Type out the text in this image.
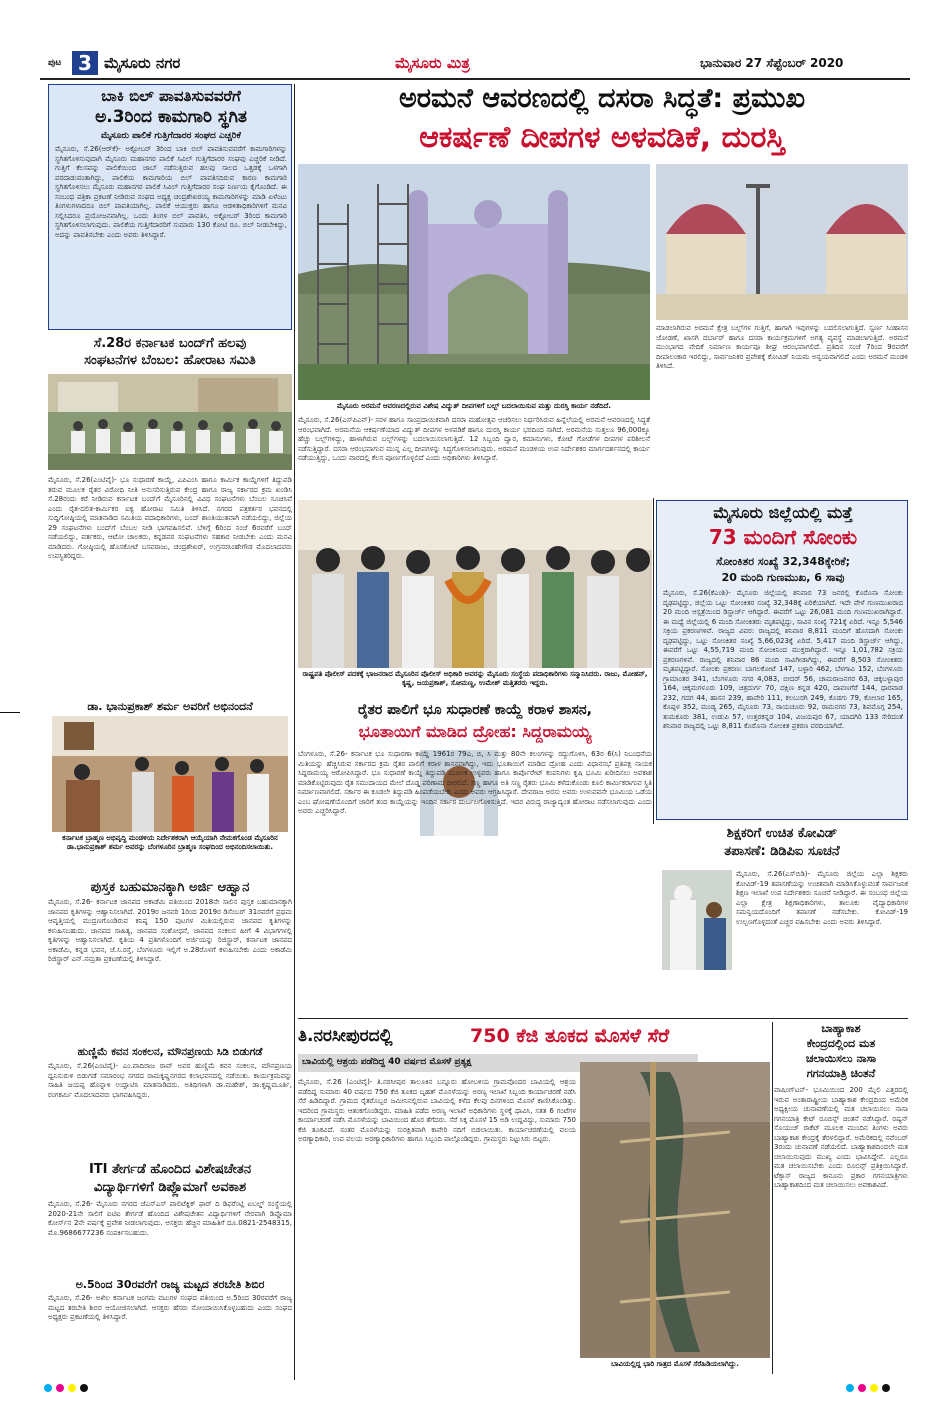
ಪುಟ 3 ಮೈಸೂರು ನಗರ	ಮೈಸೂರು ಮಿತ್ರ	ಭಾನುವಾರ 27 ಸೆಪ್ಟೆಂಬರ್ 2020
ಬಾಕಿ ಬಿಲ್ ಪಾವತಿಸುವವರೆಗೆ
ಅ.3ರಿಂದ ಕಾಮಗಾರಿ ಸ್ಥಗಿತ
ಮೈಸೂರು ಪಾಲಿಕೆ ಗುತ್ತಿಗೆದಾರರ ಸಂಘದ ಎಚ್ಚರಿಕೆ
ಮೈಸೂರು, ಸೆ.26(ಆರ್‌ಕೆ)- ಅಕ್ಟೋಬರ್ 3ರಿಂದ ಬಾಕಿ ಬಿಲ್ ಪಾವತಿಸುವವರೆಗೆ ಕಾಮಗಾರಿಗಳನ್ನು ಸ್ಥಗಿತಗೊಳಿಸುವುದಾಗಿ ಮೈಸೂರು ಮಹಾನಗರ ಪಾಲಿಕೆ ಸಿವಿಲ್ ಗುತ್ತಿಗೆದಾರರ ಸಂಘವು ಎಚ್ಚರಿಕೆ ನೀಡಿದೆ. ಗುತ್ತಿಗೆ ಕೆಲಸವನ್ನು ಪಾಲಿಕೆಯಿಂದ ಜಾಬ್ ನಡೆಸುತ್ತಿರುವ ಹಲವು ಸಾಲದ ಒತ್ತಡಕ್ಕೆ ಒಳಗಾಗಿ ಪರದಾಡುವಂತಾಗಿದ್ದು, ಪಾಲಿಕೆಯ ಕಾಮಗಾರಿಯ ಬಿಲ್ ಪಾವತಿಸದಿರುವ ಕಾರಣ ಕಾಮಗಾರಿ ಸ್ಥಗಿತಗೊಳಿಸಲು ಮೈಸೂರು ಮಹಾನಗರ ಪಾಲಿಕೆ ಸಿವಿಲ್ ಗುತ್ತಿಗೆದಾರರ ಸಂಘ ನಿರ್ಣಯ ಕೈಗೊಂಡಿದೆ. ಈ ಸಂಬಂಧ ಪತ್ರಿಕಾ ಪ್ರಕಟಣೆ ನೀಡಿರುವ ಸಂಘದ ಅಧ್ಯಕ್ಷ ಚಂದ್ರಶೇಖರಯ್ಯ ಕಾಮಗಾರಿಗಳನ್ನು ಮಾಡಿ ಏಳೆಂಟು ತಿಂಗಳುಗಳಾದರೂ ಬಿಲ್ ಪಾವತಿಯಾಗಿಲ್ಲ. ಪಾಲಿಕೆ ಆಯುಕ್ತರು ಹಾಗೂ ಆಡಳಿತಾಧಿಕಾರಿಗಳಿಗೆ ಮನವಿ ಸಲ್ಲಿಸಿದರೂ ಪ್ರಯೋಜನವಾಗಿಲ್ಲ. ಒಂದು ತಿಂಗಳ ಬಿಲ್ ಪಾವತಿಸಿ, ಅಕ್ಟೋಬರ್ 3ರಿಂದ ಕಾಮಗಾರಿ ಸ್ಥಗಿತಗೊಳಿಸಲಾಗುವುದು. ಪಾಲಿಕೆಯ ಗುತ್ತಿಗೆದಾರರಿಗೆ ಸುಮಾರು 130 ಕೋಟಿ ರೂ. ಬಿಲ್ ನೀಡಬೇಕಿದ್ದು, ಅದನ್ನು ಪಾವತಿಸಬೇಕು ಎಂದು ಅವರು ತಿಳಿಸಿದ್ದಾರೆ.
ಸೆ.28ರ ಕರ್ನಾಟಕ ಬಂದ್‌ಗೆ ಹಲವು
ಸಂಘಟನೆಗಳ ಬೆಂಬಲ: ಹೋರಾಟ ಸಮಿತಿ
ಮೈಸೂರು, ಸೆ.26(ಎಂಟಿವೈ)- ಭೂ ಸುಧಾರಣೆ ಕಾಯ್ದೆ, ಎಪಿಎಂಸಿ ಹಾಗೂ ಕಾರ್ಮಿಕ ಕಾಯ್ದೆಗಳಿಗೆ ತಿದ್ದುಪಡಿ ತರುವ ಮೂಲಕ ರೈತರ ವಿರೋಧಿ ನೀತಿ ಅನುಸರಿಸುತ್ತಿರುವ ಕೇಂದ್ರ ಹಾಗೂ ರಾಜ್ಯ ಸರ್ಕಾರದ ಕ್ರಮ ಖಂಡಿಸಿ ಸೆ.28ರಂದು ಕರೆ ನೀಡಿರುವ ಕರ್ನಾಟಕ ಬಂದ್‌ಗೆ ಮೈಸೂರಿನಲ್ಲಿ ವಿವಿಧ ಸಂಘಟನೆಗಳು ಬೆಂಬಲ ಸೂಚಿಸಿವೆ ಎಂದು ರೈತ-ದಲಿತ-ಕಾರ್ಮಿಕರ ಐಕ್ಯ ಹೋರಾಟ ಸಮಿತಿ ತಿಳಿಸಿದೆ. ನಗರದ ಪತ್ರಕರ್ತರ ಭವನದಲ್ಲಿ ಸುದ್ದಿಗೋಷ್ಠಿಯಲ್ಲಿ ಮಾತನಾಡಿದ ಸಮಿತಿಯ ಪದಾಧಿಕಾರಿಗಳು, ಬಂದ್ ಶಾಂತಿಯುತವಾಗಿ ನಡೆಯಲಿದ್ದು, ಜಿಲ್ಲೆಯ 29 ಸಂಘಟನೆಗಳು ಬಂದ್‌ಗೆ ಬೆಂಬಲ ನೀಡಿ ಭಾಗವಹಿಸಲಿವೆ. ಬೆಳಿಗ್ಗೆ 6ರಿಂದ ಸಂಜೆ 6ರವರೆಗೆ ಬಂದ್ ನಡೆಯಲಿದ್ದು, ವರ್ತಕರು, ಆಟೋ ಚಾಲಕರು, ಕನ್ನಡಪರ ಸಂಘಟನೆಗಳು ಸಹಕಾರ ನೀಡಬೇಕು ಎಂದು ಮನವಿ ಮಾಡಿದರು. ಗೋಷ್ಠಿಯಲ್ಲಿ ಹೊಸಕೋಟೆ ಬಸವರಾಜು, ಚಂದ್ರಶೇಖರ್, ಉಗ್ರನರಸಿಂಹೇಗೌಡ ಮೊದಲಾದವರು ಉಪಸ್ಥಿತರಿದ್ದರು.
ಡಾ. ಭಾನುಪ್ರಕಾಶ್ ಶರ್ಮ ಅವರಿಗೆ ಅಭಿನಂದನೆ
ಕರ್ನಾಟಕ ಬ್ರಾಹ್ಮಣ ಅಭಿವೃದ್ಧಿ ಮಂಡಳಿಯ ನಿರ್ದೇಶಕರಾಗಿ ಆಯ್ಕೆಯಾಗಿ ನೇಮಕಗೊಂಡ ಮೈಸೂರಿನ ಡಾ.ಭಾನುಪ್ರಕಾಶ್ ಶರ್ಮ ಅವರನ್ನು ಬೆಂಗಳೂರಿನ ಬ್ರಾಹ್ಮಣ ಸಂಘದಿಂದ ಅಭಿನಂದಿಸಲಾಯಿತು.
ಪುಸ್ತಕ ಬಹುಮಾನಕ್ಕಾಗಿ ಅರ್ಜಿ ಆಹ್ವಾನ
ಮೈಸೂರು, ಸೆ.26- ಕರ್ನಾಟಕ ಜಾನಪದ ಅಕಾಡೆಮಿ ವತಿಯಿಂದ 2018ನೇ ಸಾಲಿನ ಪುಸ್ತಕ ಬಹುಮಾನಕ್ಕಾಗಿ ಜಾನಪದ ಕೃತಿಗಳನ್ನು ಆಹ್ವಾನಿಸಲಾಗಿದೆ. 2019ರ ಜನವರಿ 1ರಿಂದ 2019ರ ಡಿಸೆಂಬರ್ 31ರವರೆಗೆ ಪ್ರಥಮ ಆವೃತ್ತಿಯಲ್ಲಿ ಮುದ್ರಣಗೊಂಡಿರುವ ಕನಿಷ್ಠ 150 ಪುಟಗಳ ಮಿತಿಯಲ್ಲಿರುವ ಜಾನಪದ ಕೃತಿಗಳನ್ನು ಕಳುಹಿಸಬಹುದು. ಜಾನಪದ ಸಾಹಿತ್ಯ, ಜಾನಪದ ಸಂಶೋಧನೆ, ಜಾನಪದ ಸಂಕಲನ ಹೀಗೆ 4 ವಿಭಾಗಗಳಲ್ಲಿ ಕೃತಿಗಳನ್ನು ಆಹ್ವಾನಿಸಲಾಗಿದೆ. ಕೃತಿಯ 4 ಪ್ರತಿಗಳೊಂದಿಗೆ ಅರ್ಜಿಯನ್ನು ರಿಜಿಸ್ಟ್ರಾರ್, ಕರ್ನಾಟಕ ಜಾನಪದ ಅಕಾಡೆಮಿ, ಕನ್ನಡ ಭವನ, ಜೆ.ಸಿ.ರಸ್ತೆ, ಬೆಂಗಳೂರು ಇಲ್ಲಿಗೆ ಅ.28ರೊಳಗೆ ಕಳುಹಿಸಬೇಕು ಎಂದು ಅಕಾಡೆಮಿ ರಿಜಿಸ್ಟ್ರಾರ್ ಎನ್.ನಮ್ರತಾ ಪ್ರಕಟಣೆಯಲ್ಲಿ ತಿಳಿಸಿದ್ದಾರೆ.
ಹುಣ್ಣಿಮೆ ಕವನ ಸಂಕಲನ, ಮೌನಪ್ರಣಯ ಸಿಡಿ ಬಿಡುಗಡೆ
ಮೈಸೂರು, ಸೆ.26(ಎಂಟಿವೈ)- ಎಂ.ವಾದಿರಾಜ ರಾವ್ ಅವರ ಹುಣ್ಣಿಮೆ ಕವನ ಸಂಕಲನ, ಮೌನಪ್ರಣಯ ಧ್ವನಿಸುರುಳಿ ಬಿಡುಗಡೆ ಸಮಾರಂಭ ನಗರದ ರಾಮಕೃಷ್ಣನಗರದ ಕಲಾಭವನದಲ್ಲಿ ನಡೆಯಿತು. ಕಾರ್ಯಕ್ರಮವನ್ನು ಸಾಹಿತಿ ಜಯಪ್ಪ ಹೊನ್ನಾಳಿ ಉದ್ಘಾಟಿಸಿ ಮಾತನಾಡಿದರು. ಅತಿಥಿಗಳಾಗಿ ಡಾ.ಮಹೇಶ್, ಡಾ.ಕೃಷ್ಣಮೂರ್ತಿ, ರಂಗಕರ್ಮಿ ಮೊದಲಾದವರು ಭಾಗವಹಿಸಿದ್ದರು.
ITI ತೇರ್ಗಡೆ ಹೊಂದಿದ ವಿಶೇಷಚೇತನ
ವಿದ್ಯಾರ್ಥಿಗಳಿಗೆ ಡಿಪ್ಲೊಮಾಗೆ ಅವಕಾಶ
ಮೈಸೂರು, ಸೆ.26- ಮೈಸೂರು ನಗರದ ಜೆಎಸ್‌ಎಸ್ ಪಾಲಿಟೆಕ್ನಿಕ್ ಫಾರ್ ದಿ ಡಿಫರೆಂಟ್ಲಿ ಏಬಲ್ಡ್ ಸಂಸ್ಥೆಯಲ್ಲಿ 2020-21ನೇ ಸಾಲಿಗೆ ಐಟಿಐ ತೇರ್ಗಡೆ ಹೊಂದಿದ ವಿಶೇಷಚೇತನ ವಿದ್ಯಾರ್ಥಿಗಳಿಗೆ ನೇರವಾಗಿ ಡಿಪ್ಲೊಮಾ ಕೋರ್ಸ್‌ನ 2ನೇ ವರ್ಷಕ್ಕೆ ಪ್ರವೇಶ ನೀಡಲಾಗುವುದು. ಆಸಕ್ತರು ಹೆಚ್ಚಿನ ಮಾಹಿತಿಗೆ ದೂ.0821-2548315, ಮೊ.9686677236 ಸಂಪರ್ಕಿಸಬಹುದು.
ಅ.5ರಿಂದ 30ರವರೆಗೆ ರಾಜ್ಯ ಮಟ್ಟದ ತರಬೇತಿ ಶಿಬಿರ
ಮೈಸೂರು, ಸೆ.26- ಅಖಿಲ ಕರ್ನಾಟಕ ಜಂಗಮ ವಟುಗಳ ಸಂಘದ ವತಿಯಿಂದ ಅ.5ರಿಂದ 30ರವರೆಗೆ ರಾಜ್ಯ ಮಟ್ಟದ ತರಬೇತಿ ಶಿಬಿರ ಆಯೋಜಿಸಲಾಗಿದೆ. ಆಸಕ್ತರು ಹೆಸರು ನೋಂದಾಯಿಸಿಕೊಳ್ಳಬಹುದು ಎಂದು ಸಂಘದ ಅಧ್ಯಕ್ಷರು ಪ್ರಕಟಣೆಯಲ್ಲಿ ತಿಳಿಸಿದ್ದಾರೆ.
ಅರಮನೆ ಆವರಣದಲ್ಲಿ ದಸರಾ ಸಿದ್ಧತೆ: ಪ್ರಮುಖ
ಆಕರ್ಷಣೆ ದೀಪಗಳ ಅಳವಡಿಕೆ, ದುರಸ್ತಿ
ಮಾಡಲಾಗಿರುವ ಅರಮನೆ ಕ್ಷೇತ್ರ ಬಲ್ಬ್‌ಗಳ ಗುತ್ತಿಗೆ, ಹಾಗಾಗಿ ಇವುಗಳನ್ನು ಬದಲಿಸಲಾಗುತ್ತಿದೆ. ಸ್ವರ್ಣ ಸಿಂಹಾಸನ ಜೋಡಣೆ, ಖಾಸಗಿ ದರ್ಬಾರ್ ಹಾಗೂ ದಸರಾ ಕಾರ್ಯಕ್ರಮಗಳಿಗೆ ಅಗತ್ಯ ವ್ಯವಸ್ಥೆ ಮಾಡಲಾಗುತ್ತಿದೆ. ಅರಮನೆ ಮುಂಭಾಗದ ವೇದಿಕೆ ನಿರ್ಮಾಣ ಕಾರ್ಯವೂ ಶೀಘ್ರ ಆರಂಭವಾಗಲಿದೆ. ಪ್ರತಿದಿನ ಸಂಜೆ 7ರಿಂದ 9ರವರೆಗೆ ದೀಪಾಲಂಕಾರ ಇರಲಿದ್ದು, ಸಾರ್ವಜನಿಕರ ಪ್ರವೇಶಕ್ಕೆ ಕೋವಿಡ್ ನಿಯಮ ಅನ್ವಯವಾಗಲಿದೆ ಎಂದು ಅರಮನೆ ಮಂಡಳಿ ತಿಳಿಸಿದೆ.
ಮೈಸೂರು ಅರಮನೆ ಆವರಣದಲ್ಲಿರುವ ವಿಶೇಷ ವಿದ್ಯುತ್ ದೀಪಗಳಿಗೆ ಬಲ್ಬ್ ಬದಲಾಯಿಸುವ ಮತ್ತು ದುರಸ್ತಿ ಕಾರ್ಯ ನಡೆದಿದೆ.
ಮೈಸೂರು, ಸೆ.26(ಎಸ್‌ಪಿಎನ್)- ಸರಳ ಹಾಗೂ ಸಾಂಪ್ರದಾಯಿಕವಾಗಿ ದಸರಾ ಮಹೋತ್ಸವ ಆಚರಿಸಲು ನಿರ್ಧರಿಸಿರುವ ಹಿನ್ನೆಲೆಯಲ್ಲಿ ಅರಮನೆ ಆವರಣದಲ್ಲಿ ಸಿದ್ಧತೆ ಆರಂಭವಾಗಿದೆ. ಅರಮನೆಯ ಆಕರ್ಷಣೆಯಾದ ವಿದ್ಯುತ್ ದೀಪಗಳ ಅಳವಡಿಕೆ ಹಾಗೂ ದುರಸ್ತಿ ಕಾರ್ಯ ಭರದಿಂದ ಸಾಗಿದೆ. ಅರಮನೆಯ ಸುತ್ತಲೂ 96,000ಕ್ಕೂ ಹೆಚ್ಚು ಬಲ್ಬ್‌ಗಳಿದ್ದು, ಹಾಳಾಗಿರುವ ಬಲ್ಬ್‌ಗಳನ್ನು ಬದಲಾಯಿಸಲಾಗುತ್ತಿದೆ. 12 ಸಿಬ್ಬಂದಿ ದ್ವಾರ, ಕಮಾನುಗಳು, ಕೋಟೆ ಗೋಡೆಗಳ ದೀಪಗಳ ಪರಿಶೀಲನೆ ನಡೆಸುತ್ತಿದ್ದಾರೆ. ದಸರಾ ಆರಂಭವಾಗುವ ಮುನ್ನ ಎಲ್ಲ ದೀಪಗಳನ್ನು ಸಿದ್ಧಗೊಳಿಸಲಾಗುವುದು. ಅರಮನೆ ಮಂಡಳಿಯ ಉಪ ನಿರ್ದೇಶಕರ ಮಾರ್ಗದರ್ಶನದಲ್ಲಿ ಕಾರ್ಯ ನಡೆಯುತ್ತಿದ್ದು, ಒಂದು ವಾರದಲ್ಲಿ ಕೆಲಸ ಪೂರ್ಣಗೊಳ್ಳಲಿದೆ ಎಂದು ಅಧಿಕಾರಿಗಳು ತಿಳಿಸಿದ್ದಾರೆ.
ರಾಷ್ಟ್ರಪತಿ ಪೊಲೀಸ್ ಪದಕಕ್ಕೆ ಭಾಜನರಾದ ಮೈಸೂರಿನ ಪೊಲೀಸ್ ಅಧಿಕಾರಿ ಅವರನ್ನು ಮೈಸೂರು ಸಂಸ್ಥೆಯ ಪದಾಧಿಕಾರಿಗಳು ಸನ್ಮಾನಿಸಿದರು. ರಾಜು, ಮೋಹನ್, ಕೃಷ್ಣ, ಜಯಪ್ರಕಾಶ್, ಸೋಮಣ್ಣ, ಉಮೇಶ್ ಮತ್ತಿತರರು ಇದ್ದರು.
ರೈತರ ಪಾಲಿಗೆ ಭೂ ಸುಧಾರಣೆ ಕಾಯ್ದೆ ಕರಾಳ ಶಾಸನ,
ಭೂತಾಯಿಗೆ ಮಾಡಿದ ದ್ರೋಹ: ಸಿದ್ದರಾಮಯ್ಯ
ಬೆಂಗಳೂರು, ಸೆ.26- ಕರ್ನಾಟಕ ಭೂ ಸುಧಾರಣಾ ಕಾಯ್ದೆ 1961ರ 79ಎ, ಬಿ, ಸಿ ಮತ್ತು 80ನೇ ಕಲಂಗಳನ್ನು ರದ್ದುಗೊಳಿಸಿ, 63ರ 6(ಸಿ) ನಿಬಂಧನೆಯ ಮಿತಿಯನ್ನು ಹೆಚ್ಚಿಸಿರುವ ಸರ್ಕಾರದ ಕ್ರಮ ರೈತರ ಪಾಲಿಗೆ ಕರಾಳ ಶಾಸನವಾಗಿದ್ದು, ಇದು ಭೂತಾಯಿಗೆ ಮಾಡಿದ ದ್ರೋಹ ಎಂದು ವಿಧಾನಸಭೆ ಪ್ರತಿಪಕ್ಷ ನಾಯಕ ಸಿದ್ದರಾಮಯ್ಯ ಆರೋಪಿಸಿದ್ದಾರೆ. ಭೂ ಸುಧಾರಣೆ ಕಾಯ್ದೆ ತಿದ್ದುಪಡಿ ಮೂಲಕ ಉಳ್ಳವರು ಹಾಗೂ ಕಾರ್ಪೊರೇಟ್ ಕಂಪನಿಗಳು ಕೃಷಿ ಭೂಮಿ ಖರೀದಿಸಲು ಅವಕಾಶ ಮಾಡಿಕೊಟ್ಟಿರುವುದು ರೈತ ಸಮುದಾಯದ ಮೇಲೆ ದೊಡ್ಡ ಪರಿಣಾಮ ಬೀರಲಿದೆ. ಸಣ್ಣ ಹಾಗೂ ಅತಿ ಸಣ್ಣ ರೈತರು ಭೂಮಿ ಕಳೆದುಕೊಂಡು ಕೂಲಿ ಕಾರ್ಮಿಕರಾಗುವ ಸ್ಥಿತಿ ನಿರ್ಮಾಣವಾಗಲಿದೆ. ಸರ್ಕಾರ ಈ ಕೂಡಲೇ ತಿದ್ದುಪಡಿ ಹಿಂಪಡೆಯಬೇಕು ಎಂದು ಅವರು ಆಗ್ರಹಿಸಿದ್ದಾರೆ. ದೇವರಾಜ ಅರಸು ಅವರು ಉಳುವವನೇ ಭೂಮಿಯ ಒಡೆಯ ಎಂಬ ಘೋಷಣೆಯೊಂದಿಗೆ ಜಾರಿಗೆ ತಂದ ಕಾಯ್ದೆಯನ್ನು ಇಂದಿನ ಸರ್ಕಾರ ದುರ್ಬಲಗೊಳಿಸುತ್ತಿದೆ. ಇದರ ವಿರುದ್ಧ ರಾಜ್ಯಾದ್ಯಂತ ಹೋರಾಟ ನಡೆಸಲಾಗುವುದು ಎಂದು ಅವರು ಎಚ್ಚರಿಸಿದ್ದಾರೆ.
ಮೈಸೂರು ಜಿಲ್ಲೆಯಲ್ಲಿ ಮತ್ತೆ
73 ಮಂದಿಗೆ ಸೋಂಕು
ಸೋಂಕಿತರ ಸಂಖ್ಯೆ 32,348ಕ್ಕೇರಿಕೆ;
20 ಮಂದಿ ಗುಣಮುಖ, 6 ಸಾವು
ಮೈಸೂರು, ಸೆ.26(ಕೆಎಂಶಿ)- ಮೈಸೂರು ಜಿಲ್ಲೆಯಲ್ಲಿ ಶನಿವಾರ 73 ಜನರಲ್ಲಿ ಕೊರೊನಾ ಸೋಂಕು ದೃಢಪಟ್ಟಿದ್ದು, ಜಿಲ್ಲೆಯ ಒಟ್ಟು ಸೋಂಕಿತರ ಸಂಖ್ಯೆ 32,348ಕ್ಕೆ ಏರಿಕೆಯಾಗಿದೆ. ಇದೇ ವೇಳೆ ಗುಣಮುಖರಾದ 20 ಮಂದಿ ಆಸ್ಪತ್ರೆಯಿಂದ ಡಿಸ್ಚಾರ್ಜ್ ಆಗಿದ್ದಾರೆ. ಈವರೆಗೆ ಒಟ್ಟು 26,081 ಮಂದಿ ಗುಣಮುಖರಾಗಿದ್ದಾರೆ. ಈ ಮಧ್ಯೆ ಜಿಲ್ಲೆಯಲ್ಲಿ 6 ಮಂದಿ ಸೋಂಕಿತರು ಮೃತಪಟ್ಟಿದ್ದು, ಸಾವಿನ ಸಂಖ್ಯೆ 721ಕ್ಕೆ ಏರಿದೆ. ಇನ್ನೂ 5,546 ಸಕ್ರಿಯ ಪ್ರಕರಣಗಳಿವೆ. ರಾಜ್ಯದ ವಿವರ: ರಾಜ್ಯದಲ್ಲಿ ಶನಿವಾರ 8,811 ಮಂದಿಗೆ ಹೊಸದಾಗಿ ಸೋಂಕು ದೃಢಪಟ್ಟಿದ್ದು, ಒಟ್ಟು ಸೋಂಕಿತರ ಸಂಖ್ಯೆ 5,66,023ಕ್ಕೆ ಏರಿದೆ. 5,417 ಮಂದಿ ಡಿಸ್ಚಾರ್ಜ್ ಆಗಿದ್ದು, ಈವರೆಗೆ ಒಟ್ಟು 4,55,719 ಮಂದಿ ಸೋಂಕಿನಿಂದ ಮುಕ್ತರಾಗಿದ್ದಾರೆ. ಇನ್ನೂ 1,01,782 ಸಕ್ರಿಯ ಪ್ರಕರಣಗಳಿವೆ. ರಾಜ್ಯದಲ್ಲಿ ಶನಿವಾರ 86 ಮಂದಿ ಸಾವಿಗೀಡಾಗಿದ್ದು, ಈವರೆಗೆ 8,503 ಸೋಂಕಿತರು ಮೃತಪಟ್ಟಿದ್ದಾರೆ. ಸೋಂಕು ಪ್ರಕರಣ: ಬಾಗಲಕೋಟೆ 147, ಬಳ್ಳಾರಿ 462, ಬೆಳಗಾವಿ 152, ಬೆಂಗಳೂರು ಗ್ರಾಮಾಂತರ 341, ಬೆಂಗಳೂರು ನಗರ 4,083, ಬೀದರ್ 56, ಚಾಮರಾಜನಗರ 63, ಚಿಕ್ಕಬಳ್ಳಾಪುರ 164, ಚಿಕ್ಕಮಗಳೂರು 109, ಚಿತ್ರದುರ್ಗ 70, ದಕ್ಷಿಣ ಕನ್ನಡ 420, ದಾವಣಗೆರೆ 144, ಧಾರವಾಡ 232, ಗದಗ 44, ಹಾಸನ 239, ಹಾವೇರಿ 111, ಕಲಬುರಗಿ 249, ಕೊಡಗು 79, ಕೋಲಾರ 165, ಕೊಪ್ಪಳ 352, ಮಂಡ್ಯ 265, ಮೈಸೂರು 73, ರಾಯಚೂರು 92, ರಾಮನಗರ 73, ಶಿವಮೊಗ್ಗ 254, ತುಮಕೂರು 381, ಉಡುಪಿ 57, ಉತ್ತರಕನ್ನಡ 104, ವಿಜಯಪುರ 67, ಯಾದಗಿರಿ 133 ಸೇರಿದಂತೆ ಶನಿವಾರ ರಾಜ್ಯದಲ್ಲಿ ಒಟ್ಟು 8,811 ಕೊರೊನಾ ಸೋಂಕಿತ ಪ್ರಕರಣ ವರದಿಯಾಗಿದೆ.
ಶಿಕ್ಷಕರಿಗೆ ಉಚಿತ ಕೋವಿಡ್
ತಪಾಸಣೆ: ಡಿಡಿಪಿಐ ಸೂಚನೆ
ಮೈಸೂರು, ಸೆ.26(ಎಸ್‌ಬಿಡಿ)- ಮೈಸೂರು ಜಿಲ್ಲೆಯ ಎಲ್ಲಾ ಶಿಕ್ಷಕರು ಕೋವಿಡ್-19 ತಪಾಸಣೆಯನ್ನು ಉಚಿತವಾಗಿ ಮಾಡಿಸಿಕೊಳ್ಳುವಂತೆ ಸಾರ್ವಜನಿಕ ಶಿಕ್ಷಣ ಇಲಾಖೆ ಉಪ ನಿರ್ದೇಶಕರು ಸೂಚನೆ ನೀಡಿದ್ದಾರೆ. ಈ ಸಂಬಂಧ ಜಿಲ್ಲೆಯ ಎಲ್ಲಾ ಕ್ಷೇತ್ರ ಶಿಕ್ಷಣಾಧಿಕಾರಿಗಳು, ತಾಲೂಕು ವೈದ್ಯಾಧಿಕಾರಿಗಳ ಸಮನ್ವಯದೊಂದಿಗೆ ತಪಾಸಣೆ ನಡೆಸಬೇಕು. ಕೋವಿಡ್-19 ಉಲ್ಬಣಗೊಳ್ಳದಂತೆ ಎಚ್ಚರ ವಹಿಸಬೇಕು ಎಂದು ಅವರು ತಿಳಿಸಿದ್ದಾರೆ.
ತಿ.ನರಸೀಪುರದಲ್ಲಿ	750 ಕೆಜಿ ತೂಕದ ಮೊಸಳೆ ಸೆರೆ
ಬಾವಿಯಲ್ಲಿ ಆಶ್ರಯ ಪಡೆದಿದ್ದ 40 ವರ್ಷದ ಮೊಸಳೆ ಪ್ರತ್ಯಕ್ಷ
ಮೈಸೂರು, ಸೆ.26 (ಎಂಟಿವೈ)- ತಿ.ನರಸೀಪುರ ತಾಲೂಕಿನ ಬನ್ನೂರು ಹೋಬಳಿಯ ಗ್ರಾಮವೊಂದರ ಬಾವಿಯಲ್ಲಿ ಆಶ್ರಯ ಪಡೆದಿದ್ದ ಸುಮಾರು 40 ವರ್ಷದ 750 ಕೆಜಿ ತೂಕದ ಬೃಹತ್ ಮೊಸಳೆಯನ್ನು ಅರಣ್ಯ ಇಲಾಖೆ ಸಿಬ್ಬಂದಿ ಕಾರ್ಯಾಚರಣೆ ನಡೆಸಿ ಸೆರೆ ಹಿಡಿದಿದ್ದಾರೆ. ಗ್ರಾಮದ ರೈತರೊಬ್ಬರ ಜಮೀನಿನಲ್ಲಿರುವ ಬಾವಿಯಲ್ಲಿ ಕಳೆದ ಕೆಲವು ದಿನಗಳಿಂದ ಮೊಸಳೆ ಕಾಣಿಸಿಕೊಂಡಿತ್ತು. ಇದರಿಂದ ಗ್ರಾಮಸ್ಥರು ಆತಂಕಗೊಂಡಿದ್ದರು. ಮಾಹಿತಿ ಪಡೆದ ಅರಣ್ಯ ಇಲಾಖೆ ಅಧಿಕಾರಿಗಳು ಸ್ಥಳಕ್ಕೆ ಧಾವಿಸಿ, ಸತತ 6 ಗಂಟೆಗಳ ಕಾರ್ಯಾಚರಣೆ ನಡೆಸಿ ಮೊಸಳೆಯನ್ನು ಬಾವಿಯಿಂದ ಹೊರ ತೆಗೆದರು. ಸೆರೆ ಸಿಕ್ಕ ಮೊಸಳೆ 15 ಅಡಿ ಉದ್ದವಿದ್ದು, ಸುಮಾರು 750 ಕೆಜಿ ತೂಕವಿದೆ. ನಂತರ ಮೊಸಳೆಯನ್ನು ಸುರಕ್ಷಿತವಾಗಿ ಕಾವೇರಿ ನದಿಗೆ ಬಿಡಲಾಯಿತು. ಕಾರ್ಯಾಚರಣೆಯಲ್ಲಿ ವಲಯ ಅರಣ್ಯಾಧಿಕಾರಿ, ಉಪ ವಲಯ ಅರಣ್ಯಾಧಿಕಾರಿಗಳು ಹಾಗೂ ಸಿಬ್ಬಂದಿ ಪಾಲ್ಗೊಂಡಿದ್ದರು. ಗ್ರಾಮಸ್ಥರು ನಿಟ್ಟುಸಿರು ಬಿಟ್ಟರು.
ಬಾವಿಯಲ್ಲಿದ್ದ ಭಾರಿ ಗಾತ್ರದ ಮೊಸಳೆ ಸೆರೆಹಿಡಿಯಲಾಗಿದ್ದು.
ಬಾಹ್ಯಾಕಾಶ
ಕೇಂದ್ರದಲ್ಲಿಂದ ಮತ
ಚಲಾಯಿಸಲು ನಾಸಾ
ಗಗನಯಾತ್ರಿ ಚಿಂತನೆ
ವಾಷಿಂಗ್‌ಟನ್- ಭೂಮಿಯಿಂದ 200 ಮೈಲಿ ಎತ್ತರದಲ್ಲಿ ಇರುವ ಅಂತಾರಾಷ್ಟ್ರೀಯ ಬಾಹ್ಯಾಕಾಶ ಕೇಂದ್ರದಿಂದ ಅಮೆರಿಕ ಅಧ್ಯಕ್ಷೀಯ ಚುನಾವಣೆಯಲ್ಲಿ ಮತ ಚಲಾಯಿಸಲು ನಾಸಾ ಗಗನಯಾತ್ರಿ ಕೇಟ್ ರೂಬಿನ್ಸ್ ಚಿಂತನೆ ನಡೆಸಿದ್ದಾರೆ. ರಷ್ಯನ್ ಸೊಯುಜ್ ರಾಕೆಟ್ ಮೂಲಕ ಮುಂದಿನ ತಿಂಗಳು ಅವರು ಬಾಹ್ಯಾಕಾಶ ಕೇಂದ್ರಕ್ಕೆ ತೆರಳಲಿದ್ದಾರೆ. ಅಮೆರಿಕದಲ್ಲಿ ನವೆಂಬರ್ 3ರಂದು ಚುನಾವಣೆ ನಡೆಯಲಿದೆ. ಬಾಹ್ಯಾಕಾಶದಿಂದಲೇ ಮತ ಚಲಾಯಿಸುವುದು ಮುಖ್ಯ ಎಂದು ಭಾವಿಸಿದ್ದೇನೆ. ಎಲ್ಲರೂ ಮತ ಚಲಾಯಿಸಬೇಕು ಎಂದು ರೂಬಿನ್ಸ್ ಪ್ರತಿಕ್ರಿಯಿಸಿದ್ದಾರೆ. ಟೆಕ್ಸಾಸ್ ರಾಜ್ಯದ ಕಾನೂನು ಪ್ರಕಾರ ಗಗನಯಾತ್ರಿಗಳು ಬಾಹ್ಯಾಕಾಶದಿಂದ ಮತ ಚಲಾಯಿಸಲು ಅವಕಾಶವಿದೆ.
